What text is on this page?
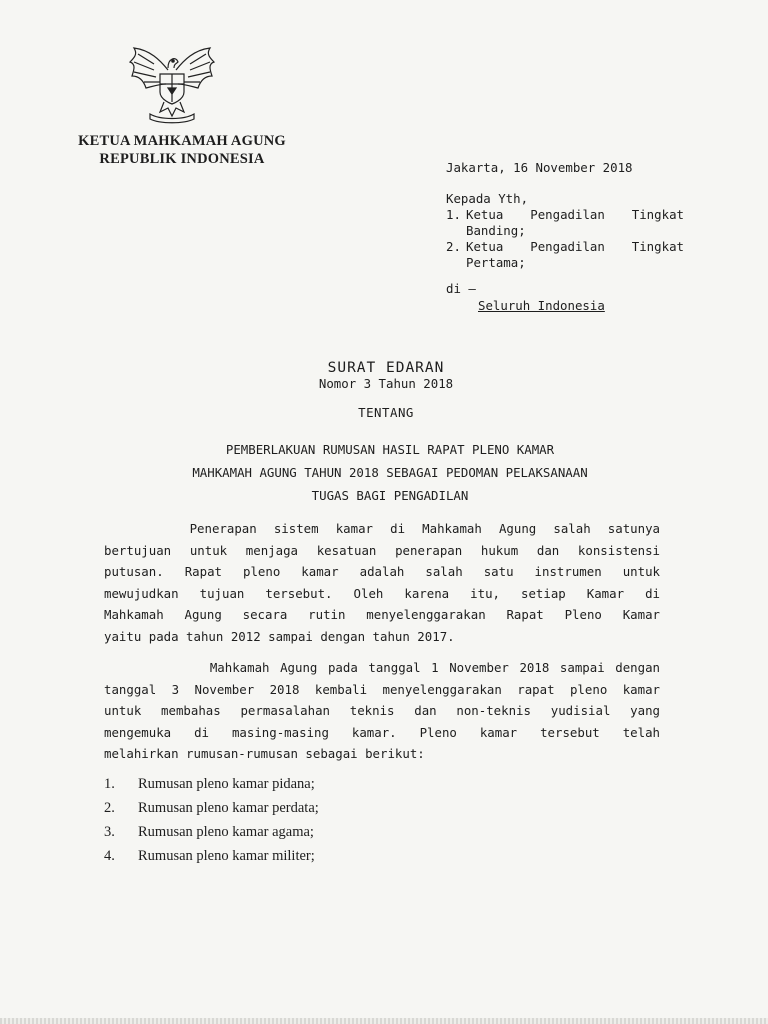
KETUA MAHKAMAH AGUNG
REPUBLIK INDONESIA
Jakarta, 16 November 2018
Kepada Yth,
1. Ketua Pengadilan Tingkat
Banding;
2. Ketua Pengadilan Tingkat
Pertama;
di –
Seluruh Indonesia
SURAT EDARAN
Nomor 3 Tahun 2018
TENTANG
PEMBERLAKUAN RUMUSAN HASIL RAPAT PLENO KAMAR
MAHKAMAH AGUNG TAHUN 2018 SEBAGAI PEDOMAN PELAKSANAAN
TUGAS BAGI PENGADILAN
Penerapan  sistem  kamar  di  Mahkamah  Agung  salah  satunya
bertujuan untuk menjaga kesatuan penerapan hukum dan konsistensi
putusan. Rapat pleno kamar adalah salah satu instrumen untuk
mewujudkan tujuan tersebut. Oleh karena itu, setiap Kamar di
Mahkamah Agung secara rutin menyelenggarakan Rapat Pleno Kamar
yaitu pada tahun 2012 sampai dengan tahun 2017.
Mahkamah Agung pada tanggal 1 November 2018 sampai dengan
tanggal 3 November 2018 kembali menyelenggarakan rapat pleno kamar
untuk membahas permasalahan teknis dan non-teknis yudisial yang
mengemuka di masing-masing kamar. Pleno kamar tersebut telah
melahirkan rumusan-rumusan sebagai berikut:
1.	Rumusan pleno kamar pidana;
2.	Rumusan pleno kamar perdata;
3.	Rumusan pleno kamar agama;
4.	Rumusan pleno kamar militer;
